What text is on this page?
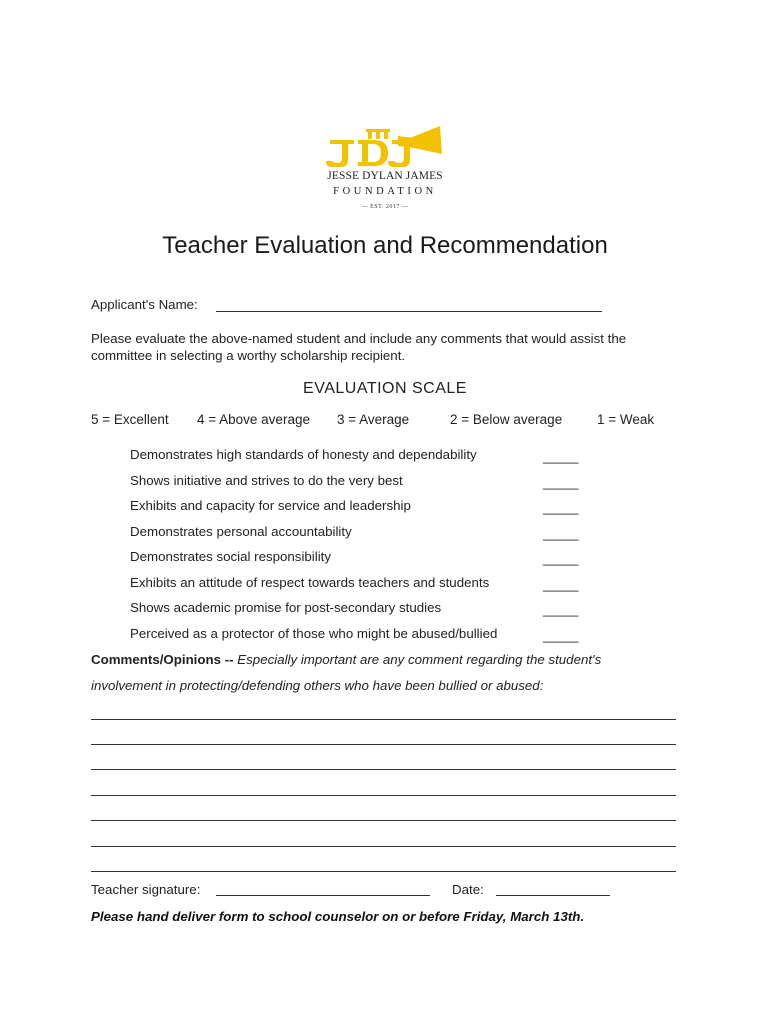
JESSE DYLAN JAMES
FOUNDATION
— EST. 2017 —
Teacher Evaluation and Recommendation
Applicant's Name:
Please evaluate the above-named student and include any comments that would assist the
committee in selecting a worthy scholarship recipient.
EVALUATION SCALE
5 = Excellent 4 = Above average 3 = Average	2 = Below average	1 = Weak
Demonstrates high standards of honesty and dependability	_____
Shows initiative and strives to do the very best	_____
Exhibits and capacity for service and leadership	_____
Demonstrates personal accountability	_____
Demonstrates social responsibility	_____
Exhibits an attitude of respect towards teachers and students	_____
Shows academic promise for post-secondary studies	_____
Perceived as a protector of those who might be abused/bullied	_____
Comments/Opinions -- Especially important are any comment regarding the student's
involvement in protecting/defending others who have been bullied or abused:
Teacher signature:	Date:
Please hand deliver form to school counselor on or before Friday, March 13th.
